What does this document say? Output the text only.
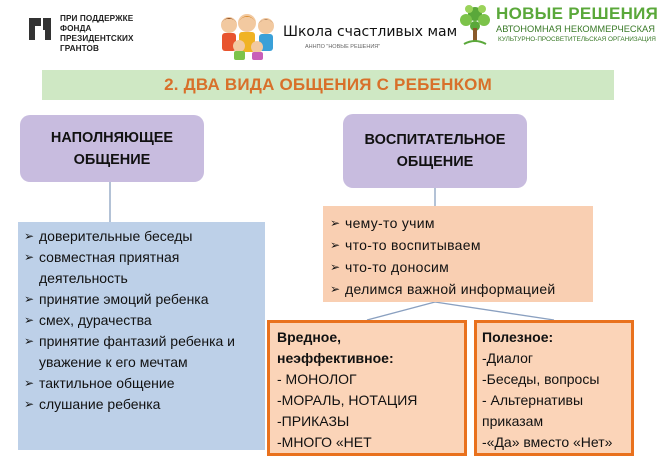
ПРИ ПОДДЕРЖКЕ
ФОНДА
ПРЕЗИДЕНТСКИХ
ГРАНТОВ
Школа счастливых мам
АННПО "НОВЫЕ РЕШЕНИЯ"
НОВЫЕ РЕШЕНИЯ
АВТОНОМНАЯ НЕКОММЕРЧЕСКАЯ
КУЛЬТУРНО-ПРОСВЕТИТЕЛЬСКАЯ ОРГАНИЗАЦИЯ
2. ДВА ВИДА ОБЩЕНИЯ С РЕБЕНКОМ
НАПОЛНЯЮЩЕЕ
ОБЩЕНИЕ
ВОСПИТАТЕЛЬНОЕ
ОБЩЕНИЕ
➢ доверительные беседы
➢ совместная приятная деятельность
➢ принятие эмоций ребенка
➢ смех, дурачества
➢ принятие фантазий ребенка и уважение к его мечтам
➢ тактильное общение
➢ слушание ребенка
➢ чему-то учим
➢ что-то воспитываем
➢ что-то доносим
➢ делимся важной информацией
Вредное,
неэффективное:
- МОНОЛОГ
-МОРАЛЬ, НОТАЦИЯ
-ПРИКАЗЫ
-МНОГО «НЕТ
Полезное:
-Диалог
-Беседы, вопросы
- Альтернативы приказам
-«Да» вместо «Нет»
